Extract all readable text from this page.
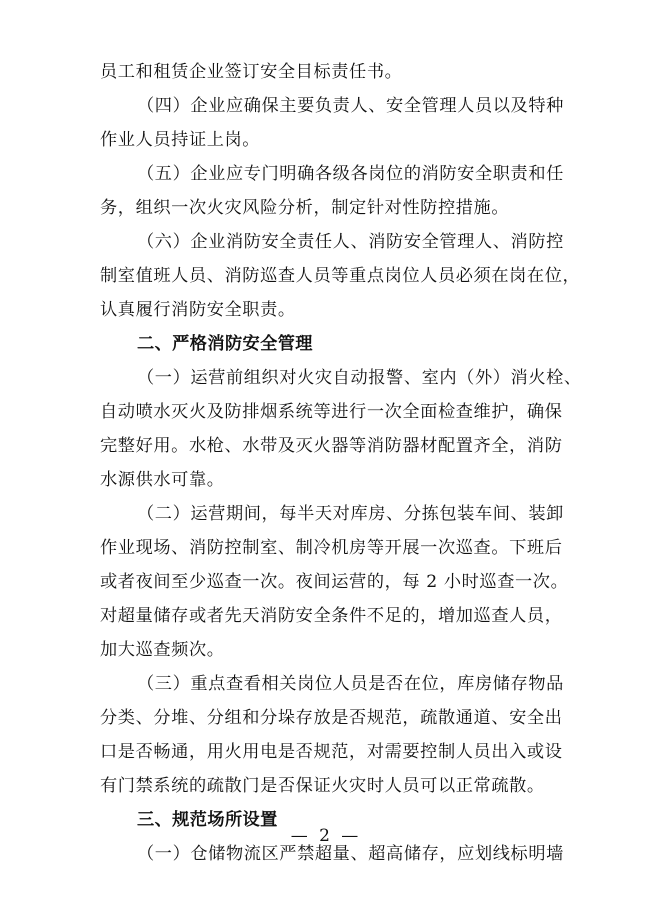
员工和租赁企业签订安全目标责任书。
（四）企业应确保主要负责人、安全管理人员以及特种
作业人员持证上岗。
（五）企业应专门明确各级各岗位的消防安全职责和任
务，组织一次火灾风险分析，制定针对性防控措施。
（六）企业消防安全责任人、消防安全管理人、消防控
制室值班人员、消防巡查人员等重点岗位人员必须在岗在位，
认真履行消防安全职责。
二、严格消防安全管理
（一）运营前组织对火灾自动报警、室内（外）消火栓、
自动喷水灭火及防排烟系统等进行一次全面检查维护，确保
完整好用。水枪、水带及灭火器等消防器材配置齐全，消防
水源供水可靠。
（二）运营期间，每半天对库房、分拣包装车间、装卸
作业现场、消防控制室、制冷机房等开展一次巡查。下班后
或者夜间至少巡查一次。夜间运营的，每 2 小时巡查一次。
对超量储存或者先天消防安全条件不足的，增加巡查人员，
加大巡查频次。
（三）重点查看相关岗位人员是否在位，库房储存物品
分类、分堆、分组和分垛存放是否规范，疏散通道、安全出
口是否畅通，用火用电是否规范，对需要控制人员出入或设
有门禁系统的疏散门是否保证火灾时人员可以正常疏散。
三、规范场所设置
（一）仓储物流区严禁超量、超高储存，应划线标明墙
— 2 —
